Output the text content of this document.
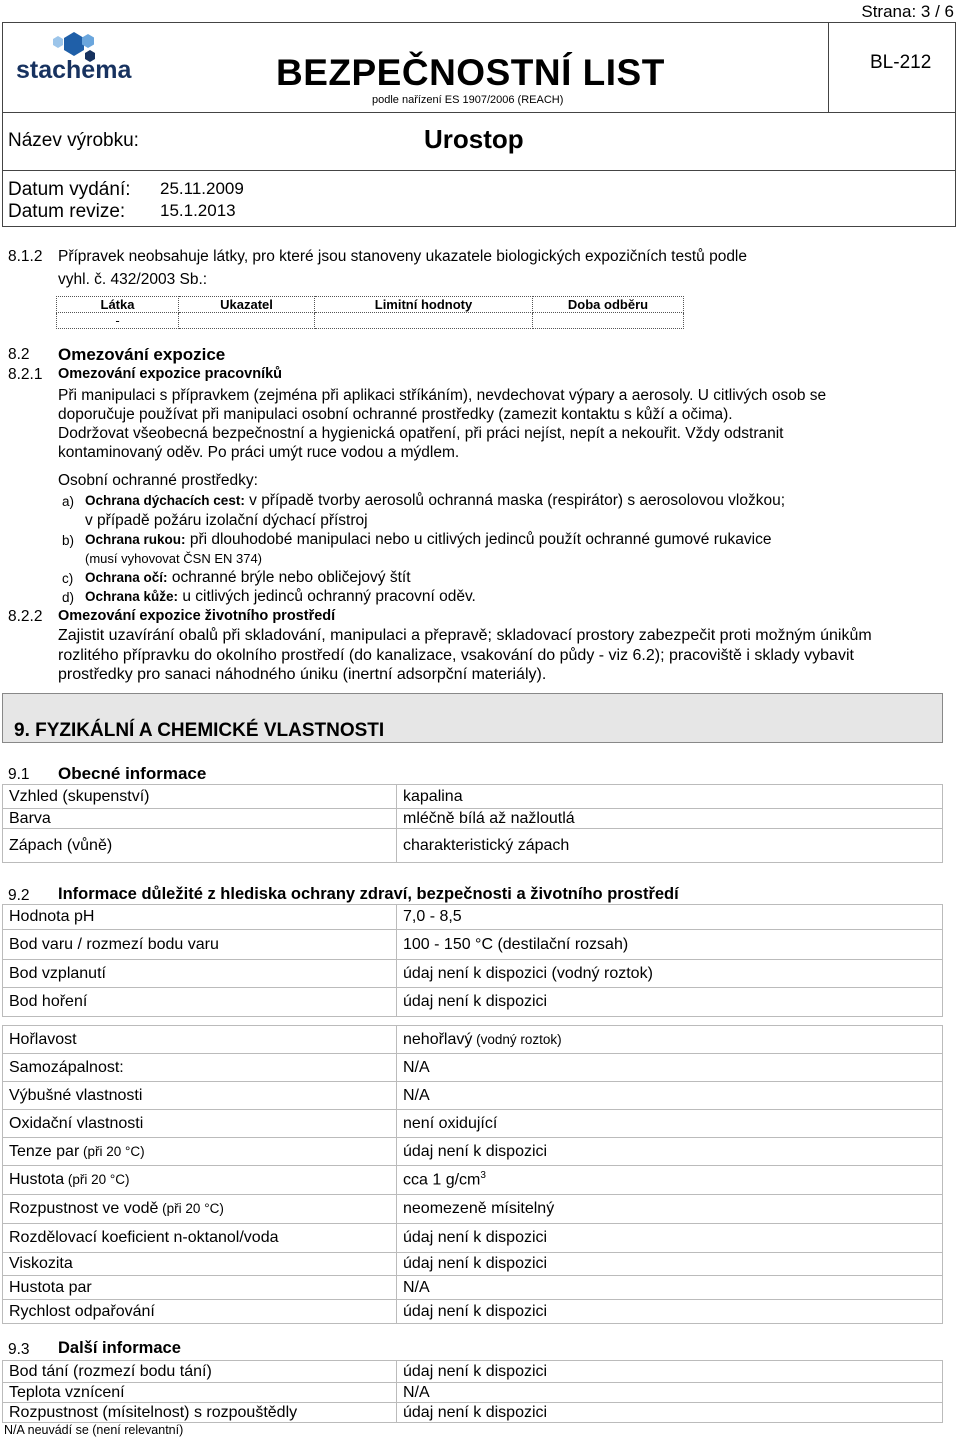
Strana: 3 / 6
stachema	BEZPEČNOSTNÍ LIST
podle nařízení ES 1907/2006 (REACH)
BL-212
Název výrobku:	Urostop
Datum vydání: 25.11.2009
Datum revize: 15.1.2013
8.1.2 Přípravek neobsahuje látky, pro které jsou stanoveny ukazatele biologických expozičních testů podle
vyhl. č. 432/2003 Sb.:
Látka	Ukazatel	Limitní hodnoty	Doba odběru
-			
8.2 Omezování expozice
8.2.1 Omezování expozice pracovníků
Při manipulaci s přípravkem (zejména při aplikaci stříkáním), nevdechovat výpary a aerosoly. U citlivých osob se
doporučuje používat při manipulaci osobní ochranné prostředky (zamezit kontaktu s kůží a očima).
Dodržovat všeobecná bezpečnostní a hygienická opatření, při práci nejíst, nepít a nekouřit. Vždy odstranit
kontaminovaný oděv. Po práci umýt ruce vodou a mýdlem.
Osobní ochranné prostředky:
a) Ochrana dýchacích cest: v případě tvorby aerosolů ochranná maska (respirátor) s aerosolovou vložkou;
v případě požáru izolační dýchací přístroj
b) Ochrana rukou: při dlouhodobé manipulaci nebo u citlivých jedinců použít ochranné gumové rukavice
(musí vyhovovat ČSN EN 374)
c) Ochrana očí: ochranné brýle nebo obličejový štít
d) Ochrana kůže: u citlivých jedinců ochranný pracovní oděv.
8.2.2 Omezování expozice životního prostředí
Zajistit uzavírání obalů při skladování, manipulaci a přepravě; skladovací prostory zabezpečit proti možným únikům
rozlitého přípravku do okolního prostředí (do kanalizace, vsakování do půdy - viz 6.2); pracoviště i sklady vybavit
prostředky pro sanaci náhodného úniku (inertní adsorpční materiály).
9. FYZIKÁLNÍ A CHEMICKÉ VLASTNOSTI
9.1 Obecné informace
Vzhled (skupenství)	kapalina
Barva	mléčně bílá až nažloutlá
Zápach (vůně)	charakteristický zápach
9.2 Informace důležité z hlediska ochrany zdraví, bezpečnosti a životního prostředí
Hodnota pH	7,0 - 8,5
Bod varu / rozmezí bodu varu	100 - 150 °C (destilační rozsah)
Bod vzplanutí	údaj není k dispozici (vodný roztok)
Bod hoření	údaj není k dispozici
Hořlavost	nehořlavý (vodný roztok)
Samozápalnost:	N/A
Výbušné vlastnosti	N/A
Oxidační vlastnosti	není oxidující
Tenze par (při 20 °C)	údaj není k dispozici
Hustota (při 20 °C)	cca 1 $g/cm^3$
Rozpustnost ve vodě (při 20 °C)	neomezeně mísitelný
Rozdělovací koeficient n-oktanol/voda	údaj není k dispozici
Viskozita	údaj není k dispozici
Hustota par	N/A
Rychlost odpařování	údaj není k dispozici
9.3 Další informace
Bod tání (rozmezí bodu tání)	údaj není k dispozici
Teplota vznícení	N/A
Rozpustnost (mísitelnost) s rozpouštědly	údaj není k dispozici
N/A neuvádí se (není relevantní)
